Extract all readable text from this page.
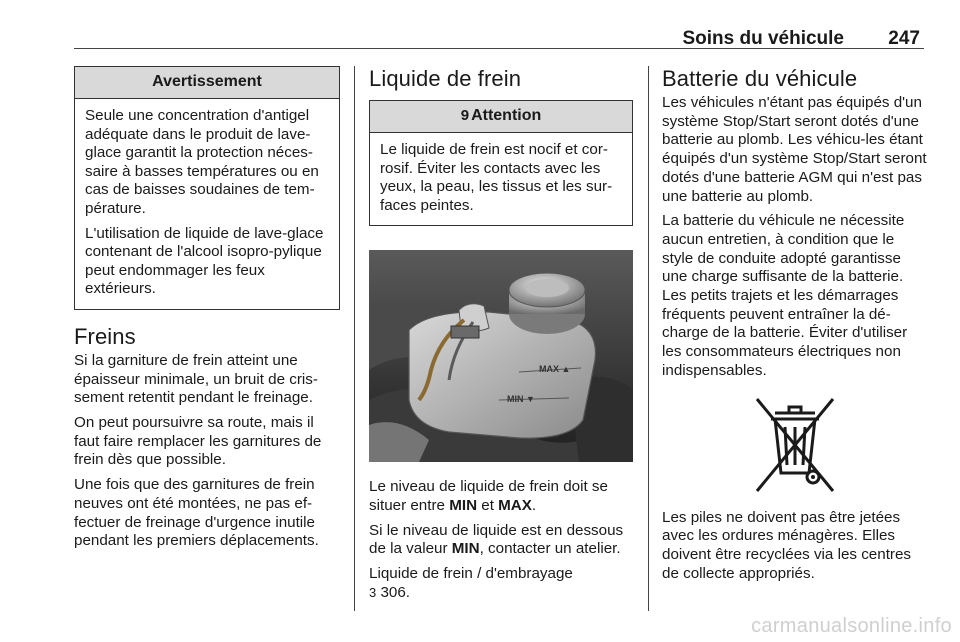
Soins du véhicule 247
Avertissement

Seule une concentration d'antigel adéquate dans le produit de lave-glace garantit la protection néces-saire à basses températures ou en cas de baisses soudaines de tem-pérature.

L'utilisation de liquide de lave-glace contenant de l'alcool isopro-pylique peut endommager les feux extérieurs.

Freins

Si la garniture de frein atteint une épaisseur minimale, un bruit de cris-sement retentit pendant le freinage.

On peut poursuivre sa route, mais il faut faire remplacer les garnitures de frein dès que possible.

Une fois que des garnitures de frein neuves ont été montées, ne pas ef-fectuer de freinage d'urgence inutile pendant les premiers déplacements.

Liquide de frein
9 Attention

Le liquide de frein est nocif et cor-rosif. Éviter les contacts avec les yeux, la peau, les tissus et les sur-faces peintes.

MAX ▲
MIN ▼

Le niveau de liquide de frein doit se situer entre MIN et MAX.

Si le niveau de liquide est en dessous de la valeur MIN, contacter un atelier.

Liquide de frein / d'embrayage
3 306.

Batterie du véhicule

Les véhicules n'étant pas équipés d'un système Stop/Start seront dotés d'une batterie au plomb. Les véhicu-les étant équipés d'un système Stop/Start seront dotés d'une batterie AGM qui n'est pas une batterie au plomb.

La batterie du véhicule ne nécessite aucun entretien, à condition que le style de conduite adopté garantisse une charge suffisante de la batterie. Les petits trajets et les démarrages fréquents peuvent entraîner la dé-charge de la batterie. Éviter d'utiliser les consommateurs électriques non indispensables.

Les piles ne doivent pas être jetées avec les ordures ménagères. Elles doivent être recyclées via les centres de collecte appropriés.

carmanualsonline.info
